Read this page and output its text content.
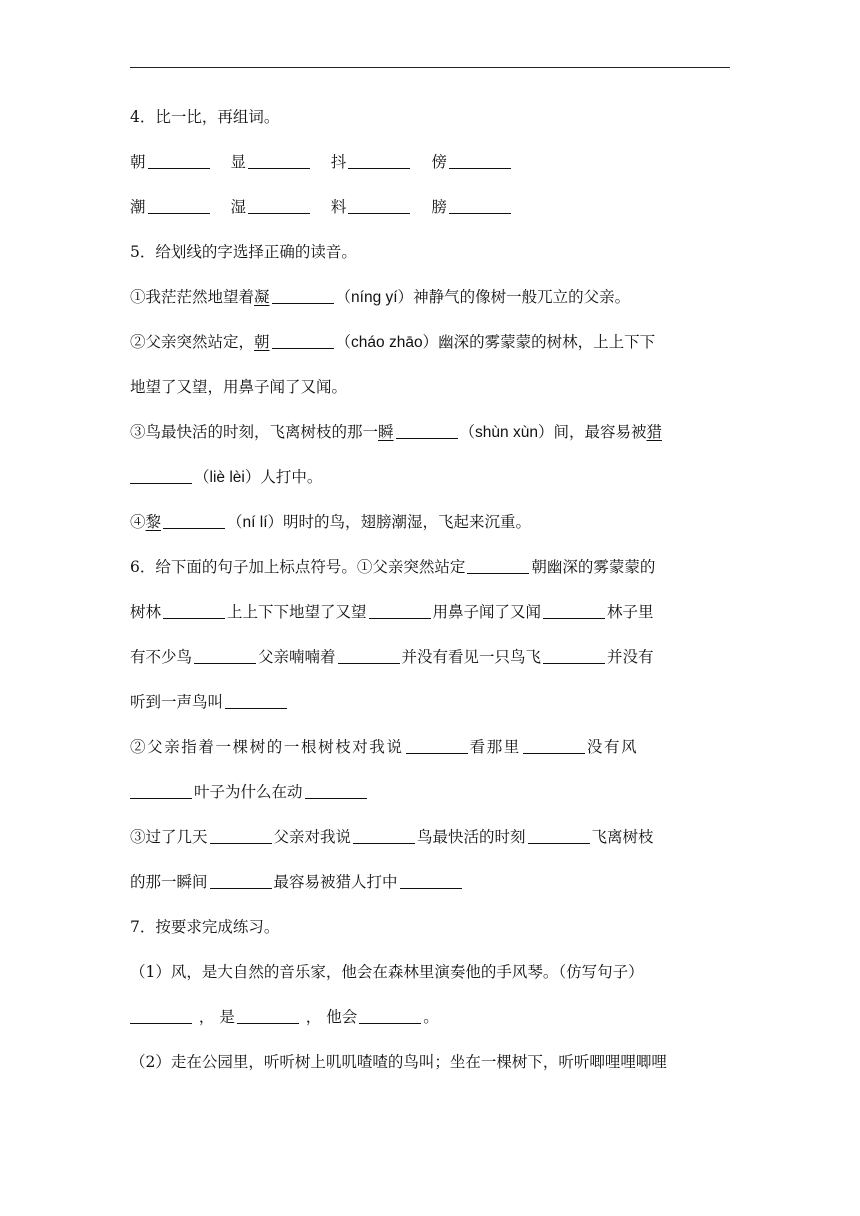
4．比一比，再组词。
朝	显	抖	傍
潮	湿	料	膀
5．给划线的字选择正确的读音。
①我茫茫然地望着凝	（níng yí）神静气的像树一般兀立的父亲。
②父亲突然站定，朝	（cháo zhāo）幽深的雾蒙蒙的树林，上上下下
地望了又望，用鼻子闻了又闻。
③鸟最快活的时刻，飞离树枝的那一瞬	（shùn xùn）间，最容易被猎
（liè lèi）人打中。
④黎	（ní lí）明时的鸟，翅膀潮湿，飞起来沉重。
6．给下面的句子加上标点符号。①父亲突然站定	朝幽深的雾蒙蒙的
树林	上上下下地望了又望	用鼻子闻了又闻	林子里
有不少鸟	父亲喃喃着	并没有看见一只鸟飞	并没有
听到一声鸟叫
②父亲指着一棵树的一根树枝对我说	看那里	没有风
叶子为什么在动
③过了几天	父亲对我说	鸟最快活的时刻	飞离树枝
的那一瞬间	最容易被猎人打中
7．按要求完成练习。
（1）风，是大自然的音乐家，他会在森林里演奏他的手风琴。（仿写句子）
， 是	， 他会	。
（2）走在公园里，听听树上叽叽喳喳的鸟叫；坐在一棵树下，听听唧哩哩唧哩
